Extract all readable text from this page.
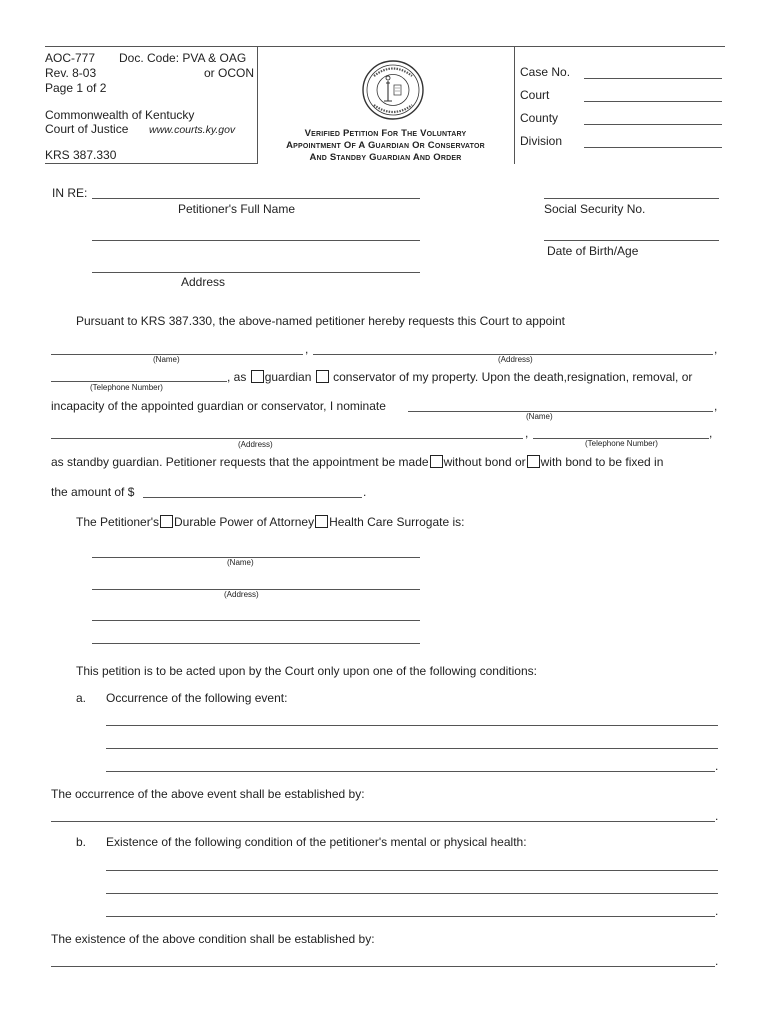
AOC-777 Doc. Code: PVA & OAG
Rev. 8-03	or OCON
Page 1 of 2
Commonwealth of Kentucky
Court of Justice www.courts.ky.gov
KRS 387.330
Verified Petition For The Voluntary
Appointment Of A Guardian Or Conservator
And Standby Guardian And Order
Case No.
Court
County
Division
IN RE:
Petitioner's Full Name	Social Security No.
Date of Birth/Age
Address
Pursuant to KRS 387.330, the above-named petitioner hereby requests this Court to appoint
,	,
(Name)	(Address)
, as guardian conservator of my property. Upon the death,resignation, removal, or
(Telephone Number)
incapacity of the appointed guardian or conservator, I nominate	,
(Name)
,	,
(Address)	(Telephone Number)
as standby guardian. Petitioner requests that the appointment be made without bond or with bond to be fixed in
the amount of $	.
The Petitioner's Durable Power of Attorney Health Care Surrogate is:
(Name)
(Address)
This petition is to be acted upon by the Court only upon one of the following conditions:
a. Occurrence of the following event:
.
The occurrence of the above event shall be established by:
.
b. Existence of the following condition of the petitioner's mental or physical health:
.
The existence of the above condition shall be established by:
.
